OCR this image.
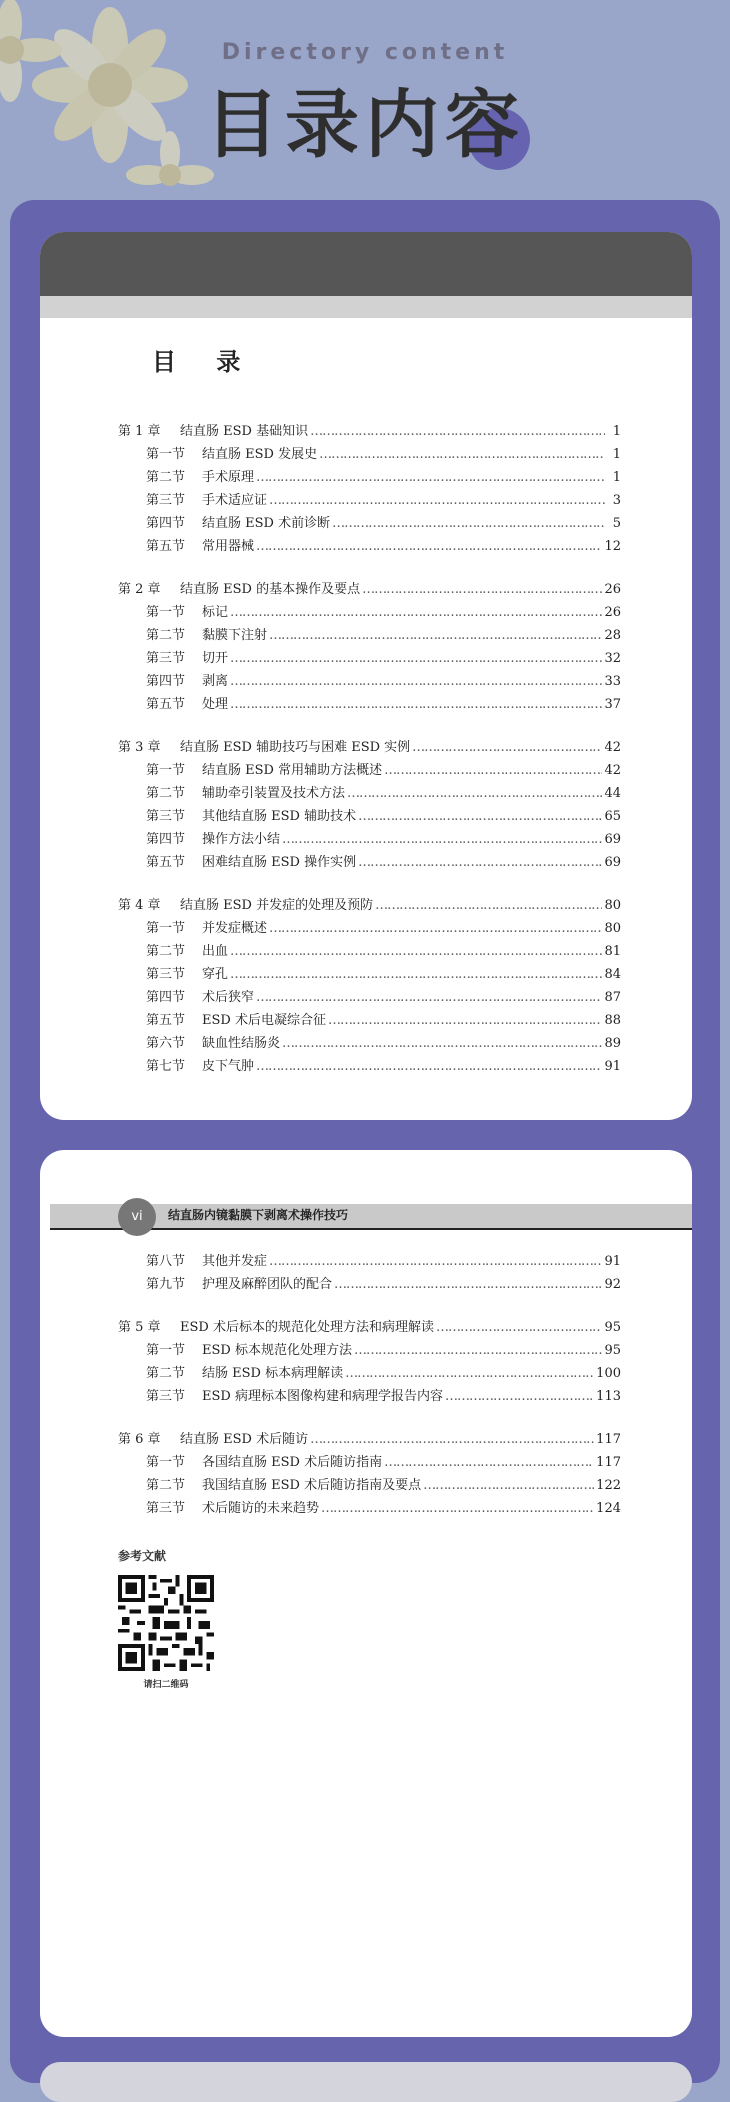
Directory content
目录内容
目 录
第 1 章	结直肠 ESD 基础知识 ……………………………………………………………………………………………………………………………………	1
第一节	结直肠 ESD 发展史 ……………………………………………………………………………………………………………………………………	1
第二节	手术原理 ……………………………………………………………………………………………………………………………………	1
第三节	手术适应证 ……………………………………………………………………………………………………………………………………	3
第四节	结直肠 ESD 术前诊断 ……………………………………………………………………………………………………………………………………	5
第五节	常用器械 ……………………………………………………………………………………………………………………………………	12
第 2 章	结直肠 ESD 的基本操作及要点 ……………………………………………………………………………………………………………………………………	26
第一节	标记 ……………………………………………………………………………………………………………………………………	26
第二节	黏膜下注射 ……………………………………………………………………………………………………………………………………	28
第三节	切开 ……………………………………………………………………………………………………………………………………	32
第四节	剥离 ……………………………………………………………………………………………………………………………………	33
第五节	处理 ……………………………………………………………………………………………………………………………………	37
第 3 章	结直肠 ESD 辅助技巧与困难 ESD 实例 ……………………………………………………………………………………………………………………………………	42
第一节	结直肠 ESD 常用辅助方法概述 ……………………………………………………………………………………………………………………………………	42
第二节	辅助牵引装置及技术方法 ……………………………………………………………………………………………………………………………………	44
第三节	其他结直肠 ESD 辅助技术 ……………………………………………………………………………………………………………………………………	65
第四节	操作方法小结 ……………………………………………………………………………………………………………………………………	69
第五节	困难结直肠 ESD 操作实例 ……………………………………………………………………………………………………………………………………	69
第 4 章	结直肠 ESD 并发症的处理及预防 ……………………………………………………………………………………………………………………………………	80
第一节	并发症概述 ……………………………………………………………………………………………………………………………………	80
第二节	出血 ……………………………………………………………………………………………………………………………………	81
第三节	穿孔 ……………………………………………………………………………………………………………………………………	84
第四节	术后狭窄 ……………………………………………………………………………………………………………………………………	87
第五节	ESD 术后电凝综合征 ……………………………………………………………………………………………………………………………………	88
第六节	缺血性结肠炎 ……………………………………………………………………………………………………………………………………	89
第七节	皮下气肿 ……………………………………………………………………………………………………………………………………	91
vi	结直肠内镜黏膜下剥离术操作技巧
第八节	其他并发症 ……………………………………………………………………………………………………………………………………	91
第九节	护理及麻醉团队的配合 ……………………………………………………………………………………………………………………………………	92
第 5 章	ESD 术后标本的规范化处理方法和病理解读 ……………………………………………………………………………………………………………………………………	95
第一节	ESD 标本规范化处理方法 ……………………………………………………………………………………………………………………………………	95
第二节	结肠 ESD 标本病理解读 ……………………………………………………………………………………………………………………………………	100
第三节	ESD 病理标本图像构建和病理学报告内容 ……………………………………………………………………………………………………………………………………	113
第 6 章	结直肠 ESD 术后随访 ……………………………………………………………………………………………………………………………………	117
第一节	各国结直肠 ESD 术后随访指南 ……………………………………………………………………………………………………………………………………	117
第二节	我国结直肠 ESD 术后随访指南及要点 ……………………………………………………………………………………………………………………………………	122
第三节	术后随访的未来趋势 ……………………………………………………………………………………………………………………………………	124
参考文献
请扫二维码
